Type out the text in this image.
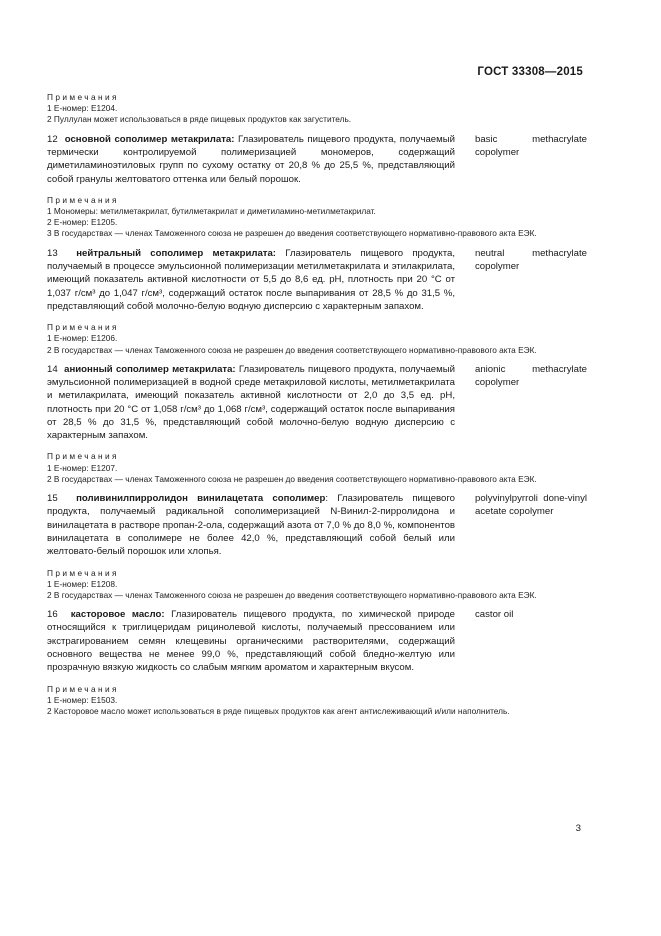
ГОСТ 33308—2015
Примечания
1 Е-номер: Е1204.
2 Пуллулан может использоваться в ряде пищевых продуктов как загуститель.
12 основной сополимер метакрилата: Глазирователь пищевого продукта, получаемый термически контролируемой полимеризацией мономеров, содержащий диметиламиноэтиловых групп по сухому остатку от 20,8 % до 25,5 %, представляющий собой гранулы желтоватого оттенка или белый порошок.
basic methacrylate copolymer
Примечания
1 Мономеры: метилметакрилат, бутилметакрилат и диметиламино-метилметакрилат.
2 Е-номер: Е1205.
3 В государствах — членах Таможенного союза не разрешен до введения соответствующего нормативно-правового акта ЕЭК.
13 нейтральный сополимер метакрилата: Глазирователь пищевого продукта, получаемый в процессе эмульсионной полимеризации метилметакрилата и этилакрилата, имеющий показатель активной кислотности от 5,5 до 8,6 ед. pH, плотность при 20 °С от 1,037 г/см³ до 1,047 г/см³, содержащий остаток после выпаривания от 28,5 % до 31,5 %, представляющий собой молочно-белую водную дисперсию с характерным запахом.
neutral methacrylate copolymer
Примечания
1 Е-номер: Е1206.
2 В государствах — членах Таможенного союза не разрешен до введения соответствующего нормативно-правового акта ЕЭК.
14 анионный сополимер метакрилата: Глазирователь пищевого продукта, получаемый эмульсионной полимеризацией в водной среде метакриловой кислоты, метилметакрилата и метилакрилата, имеющий показатель активной кислотности от 2,0 до 3,5 ед. pH, плотность при 20 °С от 1,058 г/см³ до 1,068 г/см³, содержащий остаток после выпаривания от 28,5 % до 31,5 %, представляющий собой молочно-белую водную дисперсию с характерным запахом.
anionic methacrylate copolymer
Примечания
1 Е-номер: Е1207.
2 В государствах — членах Таможенного союза не разрешен до введения соответствующего нормативно-правового акта ЕЭК.
15 поливинилпирролидон винилацетата сополимер: Глазирователь пищевого продукта, получаемый радикальной сополимеризацией N-Винил-2-пирролидона и винилацетата в растворе пропан-2-ола, содержащий азота от 7,0 % до 8,0 %, компонентов винилацетата в сополимере не более 42,0 %, представляющий собой белый или желтовато-белый порошок или хлопья.
polyvinylpyrroli done-vinyl acetate copolymer
Примечания
1 Е-номер: Е1208.
2 В государствах — членах Таможенного союза не разрешен до введения соответствующего нормативно-правового акта ЕЭК.
16 касторовое масло: Глазирователь пищевого продукта, по химической природе относящийся к триглицеридам рицинолевой кислоты, получаемый прессованием или экстрагированием семян клещевины органическими растворителями, содержащий основного вещества не менее 99,0 %, представляющий собой бледно-желтую или прозрачную вязкую жидкость со слабым мягким ароматом и характерным вкусом.
castor oil
Примечания
1 Е-номер: Е1503.
2 Касторовое масло может использоваться в ряде пищевых продуктов как агент антислеживающий и/или наполнитель.
3
